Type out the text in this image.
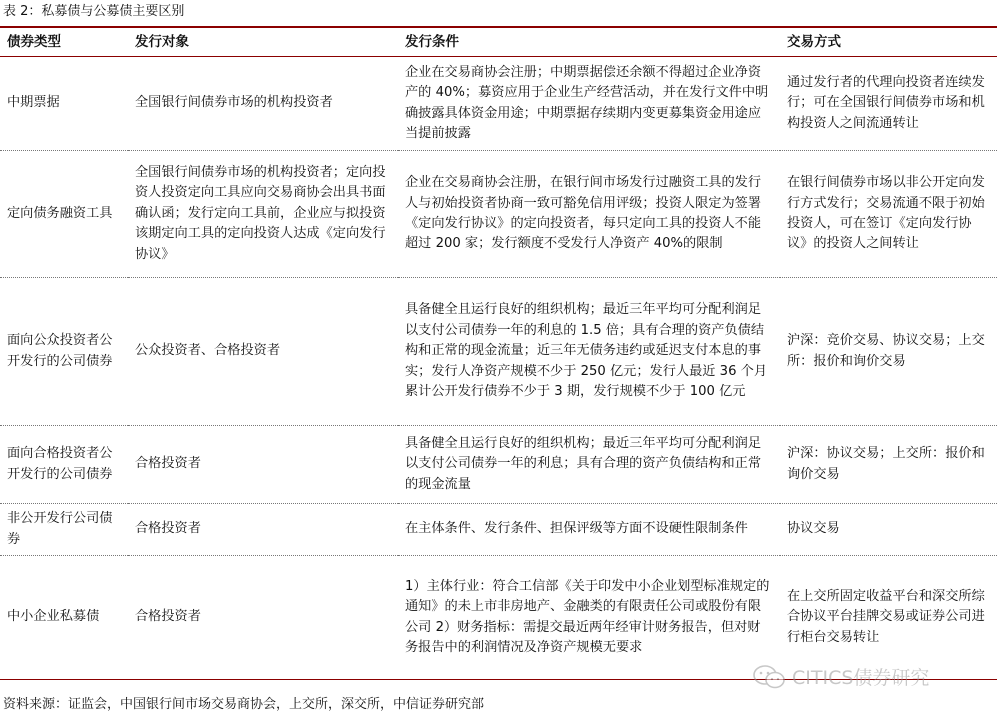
表 2：私募债与公募债主要区别
债券类型	发行对象	发行条件	交易方式
中期票据	全国银行间债券市场的机构投资者	企业在交易商协会注册；中期票据偿还余额不得超过企业净资产的 40%；募资应用于企业生产经营活动，并在发行文件中明确披露具体资金用途；中期票据存续期内变更募集资金用途应当提前披露	通过发行者的代理向投资者连续发行；可在全国银行间债券市场和机构投资人之间流通转让
定向债务融资工具	全国银行间债券市场的机构投资者；定向投资人投资定向工具应向交易商协会出具书面确认函；发行定向工具前，企业应与拟投资该期定向工具的定向投资人达成《定向发行协议》	企业在交易商协会注册，在银行间市场发行过融资工具的发行人与初始投资者协商一致可豁免信用评级；投资人限定为签署《定向发行协议》的定向投资者，每只定向工具的投资人不能超过 200 家；发行额度不受发行人净资产 40%的限制	在银行间债券市场以非公开定向发行方式发行；交易流通不限于初始投资人，可在签订《定向发行协议》的投资人之间转让
面向公众投资者公开发行的公司债券	公众投资者、合格投资者	具备健全且运行良好的组织机构；最近三年平均可分配利润足以支付公司债券一年的利息的 1.5 倍；具有合理的资产负债结构和正常的现金流量；近三年无债务违约或延迟支付本息的事实；发行人净资产规模不少于 250 亿元；发行人最近 36 个月累计公开发行债券不少于 3 期，发行规模不少于 100 亿元	沪深：竞价交易、协议交易；上交所：报价和询价交易
面向合格投资者公开发行的公司债券	合格投资者	具备健全且运行良好的组织机构；最近三年平均可分配利润足以支付公司债券一年的利息；具有合理的资产负债结构和正常的现金流量	沪深：协议交易；上交所：报价和询价交易
非公开发行公司债券	合格投资者	在主体条件、发行条件、担保评级等方面不设硬性限制条件	协议交易
中小企业私募债	合格投资者	1）主体行业：符合工信部《关于印发中小企业划型标准规定的通知》的未上市非房地产、金融类的有限责任公司或股份有限公司 2）财务指标：需提交最近两年经审计财务报告，但对财务报告中的利润情况及净资产规模无要求	在上交所固定收益平台和深交所综合协议平台挂牌交易或证券公司进行柜台交易转让
资料来源：证监会，中国银行间市场交易商协会，上交所，深交所，中信证券研究部
CITICS债券研究
